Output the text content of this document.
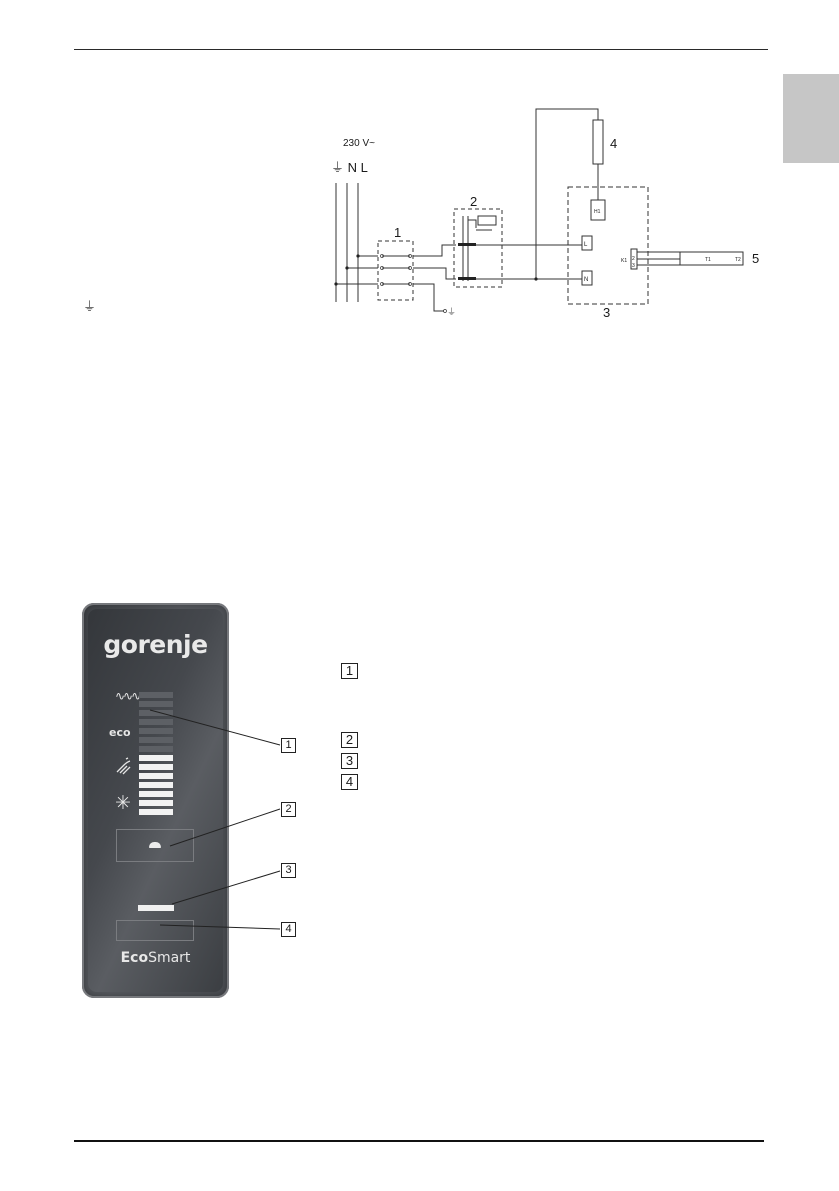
⏚
230 V~
⏚ N L
1
2
3
4
5
L
N
H1
K1	T1	T2
2
3
⏚
gorenje
∿∿∿
eco
✳
EcoSmart
1
2
3
4
1
2
3
4
